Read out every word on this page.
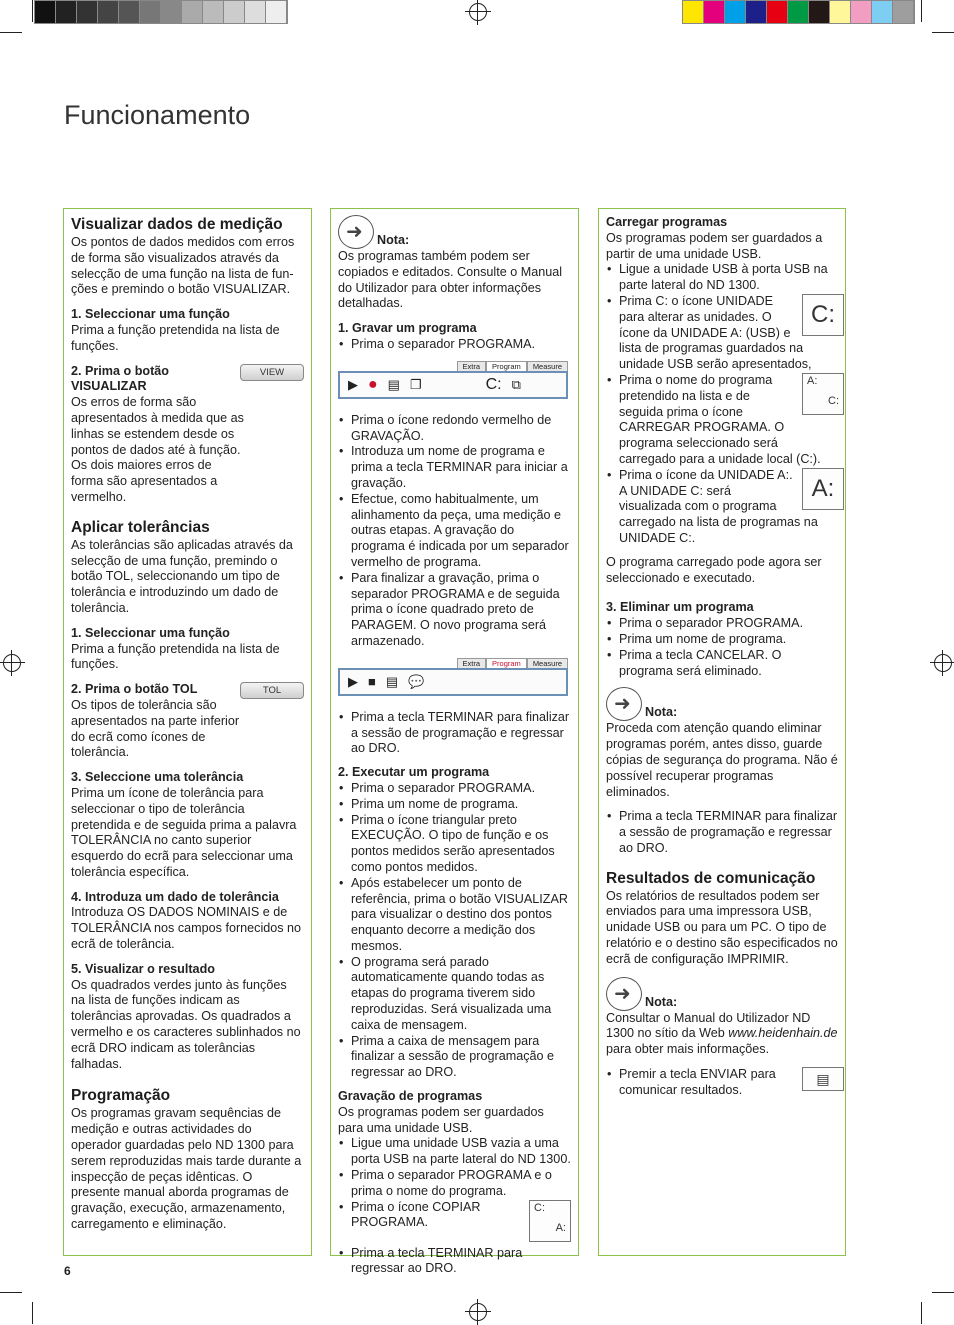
Funcionamento
Visualizar dados de medição

Os pontos de dados medidos com erros de forma são visualizados através da selecção de uma função na lista de fun- ções e premindo o botão VISUALIZAR.

1. Seleccionar uma função

Prima a função pretendida na lista de funções.

VIEW
2. Prima o botão VISUALIZAR

Os erros de forma são apresentados à medida que as linhas se estendem desde os pontos de dados até à função. Os dois maiores erros de forma são apresentados a vermelho.

Aplicar tolerâncias

As tolerâncias são aplicadas através da selecção de uma função, premindo o botão TOL, seleccionando um tipo de tolerância e introduzindo um dado de tolerância.

1. Seleccionar uma função

Prima a função pretendida na lista de funções.

TOL
2. Prima o botão TOL

Os tipos de tolerância são apresentados na parte inferior do ecrã como ícones de tolerância.

3. Seleccione uma tolerância

Prima um ícone de tolerância para seleccionar o tipo de tolerância pretendida e de seguida prima a palavra TOLERÂNCIA no canto superior esquerdo do ecrã para seleccionar uma tolerância específica.

4. Introduza um dado de tolerância

Introduza OS DADOS NOMINAIS e de TOLERÂNCIA nos campos fornecidos no ecrã de tolerância.

5. Visualizar o resultado

Os quadrados verdes junto às funções na lista de funções indicam as tolerâncias aprovadas. Os quadrados a vermelho e os caracteres sublinhados no ecrã DRO indicam as tolerâncias falhadas.

Programação

Os programas gravam sequências de medição e outras actividades do operador guardadas pelo ND 1300 para serem reproduzidas mais tarde durante a inspecção de peças idênticas. O presente manual aborda programas de gravação, execução, armazenamento, carregamento e eliminação.

➜ Nota:

Os programas também podem ser copiados e editados. Consulte o Manual do Utilizador para obter informações detalhadas.

1. Gravar um programa
• Prima o separador PROGRAMA.
Extra	Program	Measure
▶ ● ▤ ❐	C: ⧉
• Prima o ícone redondo vermelho de GRAVAÇÃO.
• Introduza um nome de programa e prima a tecla TERMINAR para iniciar a gravação.
• Efectue, como habitualmente, um alinhamento da peça, uma medição e outras etapas. A gravação do programa é indicada por um separador vermelho de programa.
• Para finalizar a gravação, prima o separador PROGRAMA e de seguida prima o ícone quadrado preto de PARAGEM. O novo programa será armazenado.
Extra	Program	Measure
▶ ■ ▤ 💬
• Prima a tecla TERMINAR para finalizar a sessão de programação e regressar ao DRO.
2. Executar um programa
• Prima o separador PROGRAMA.
• Prima um nome de programa.
• Prima o ícone triangular preto EXECUÇÃO. O tipo de função e os pontos medidos serão apresentados como pontos medidos.
• Após estabelecer um ponto de referência, prima o botão VISUALIZAR para visualizar o destino dos pontos enquanto decorre a medição dos mesmos.
• O programa será parado automaticamente quando todas as etapas do programa tiverem sido reproduzidas. Será visualizada uma caixa de mensagem.
• Prima a caixa de mensagem para finalizar a sessão de programação e regressar ao DRO.
Gravação de programas

Os programas podem ser guardados para uma unidade USB.

• Ligue uma unidade USB vazia a uma porta USB na parte lateral do ND 1300.
• Prima o separador PROGRAMA e o prima o nome do programa.
• C:
A:
Prima o ícone COPIAR PROGRAMA.
• Prima a tecla TERMINAR para regressar ao DRO.
Carregar programas

Os programas podem ser guardados a partir de uma unidade USB.

• Ligue a unidade USB à porta USB na parte lateral do ND 1300.
• C:
Prima C: o ícone UNIDADE para alterar as unidades. O ícone da UNIDADE A: (USB) e lista de programas guardados na unidade USB serão apresentados,
• A:
C:
Prima o nome do programa pretendido na lista e de seguida prima o ícone CARREGAR PROGRAMA. O programa seleccionado será carregado para a unidade local (C:).
• A:
Prima o ícone da UNIDADE A:. A UNIDADE C: será visualizada com o programa carregado na lista de programas na UNIDADE C:.

O programa carregado pode agora ser seleccionado e executado.

3. Eliminar um programa
• Prima o separador PROGRAMA.
• Prima um nome de programa.
• Prima a tecla CANCELAR. O programa será eliminado.
➜ Nota:

Proceda com atenção quando eliminar programas porém, antes disso, guarde cópias de segurança do programa. Não é possível recuperar programas eliminados.

• Prima a tecla TERMINAR para finalizar a sessão de programação e regressar ao DRO.
Resultados de comunicação

Os relatórios de resultados podem ser enviados para uma impressora USB, unidade USB ou para um PC. O tipo de relatório e o destino são especificados no ecrã de configuração IMPRIMIR.

➜ Nota:

Consultar o Manual do Utilizador ND 1300 no sítio da Web www.heidenhain.de para obter mais informações.

• ▤
Premir a tecla ENVIAR para comunicar resultados.
6
